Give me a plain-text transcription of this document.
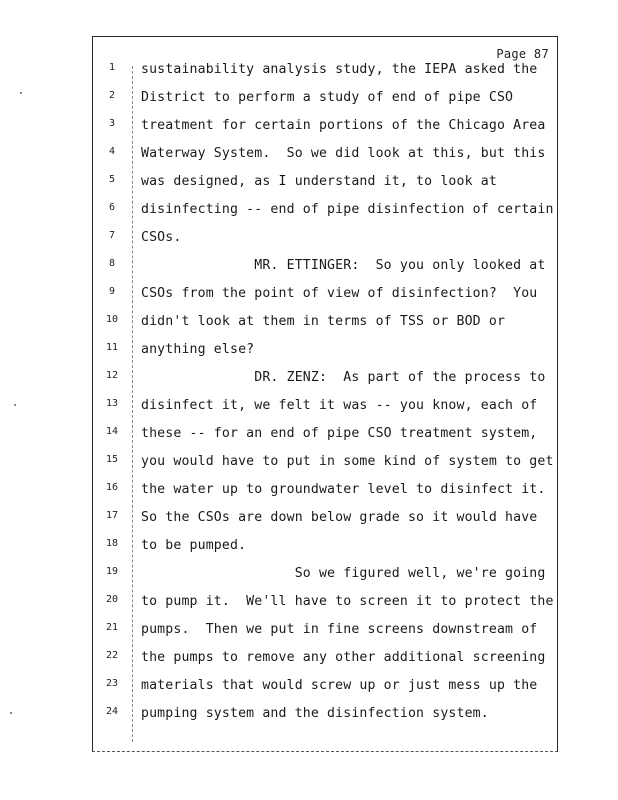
Page 87
1
2
3
4
5
6
7
8
9
10
11
12
13
14
15
16
17
18
19
20
21
22
23
24
sustainability analysis study, the IEPA asked the
District to perform a study of end of pipe CSO
treatment for certain portions of the Chicago Area
Waterway System.  So we did look at this, but this
was designed, as I understand it, to look at
disinfecting -- end of pipe disinfection of certain
CSOs.
MR. ETTINGER:  So you only looked at
CSOs from the point of view of disinfection?  You
didn't look at them in terms of TSS or BOD or
anything else?
DR. ZENZ:  As part of the process to
disinfect it, we felt it was -- you know, each of
these -- for an end of pipe CSO treatment system,
you would have to put in some kind of system to get
the water up to groundwater level to disinfect it.
So the CSOs are down below grade so it would have
to be pumped.
So we figured well, we're going
to pump it.  We'll have to screen it to protect the
pumps.  Then we put in fine screens downstream of
the pumps to remove any other additional screening
materials that would screw up or just mess up the
pumping system and the disinfection system.
